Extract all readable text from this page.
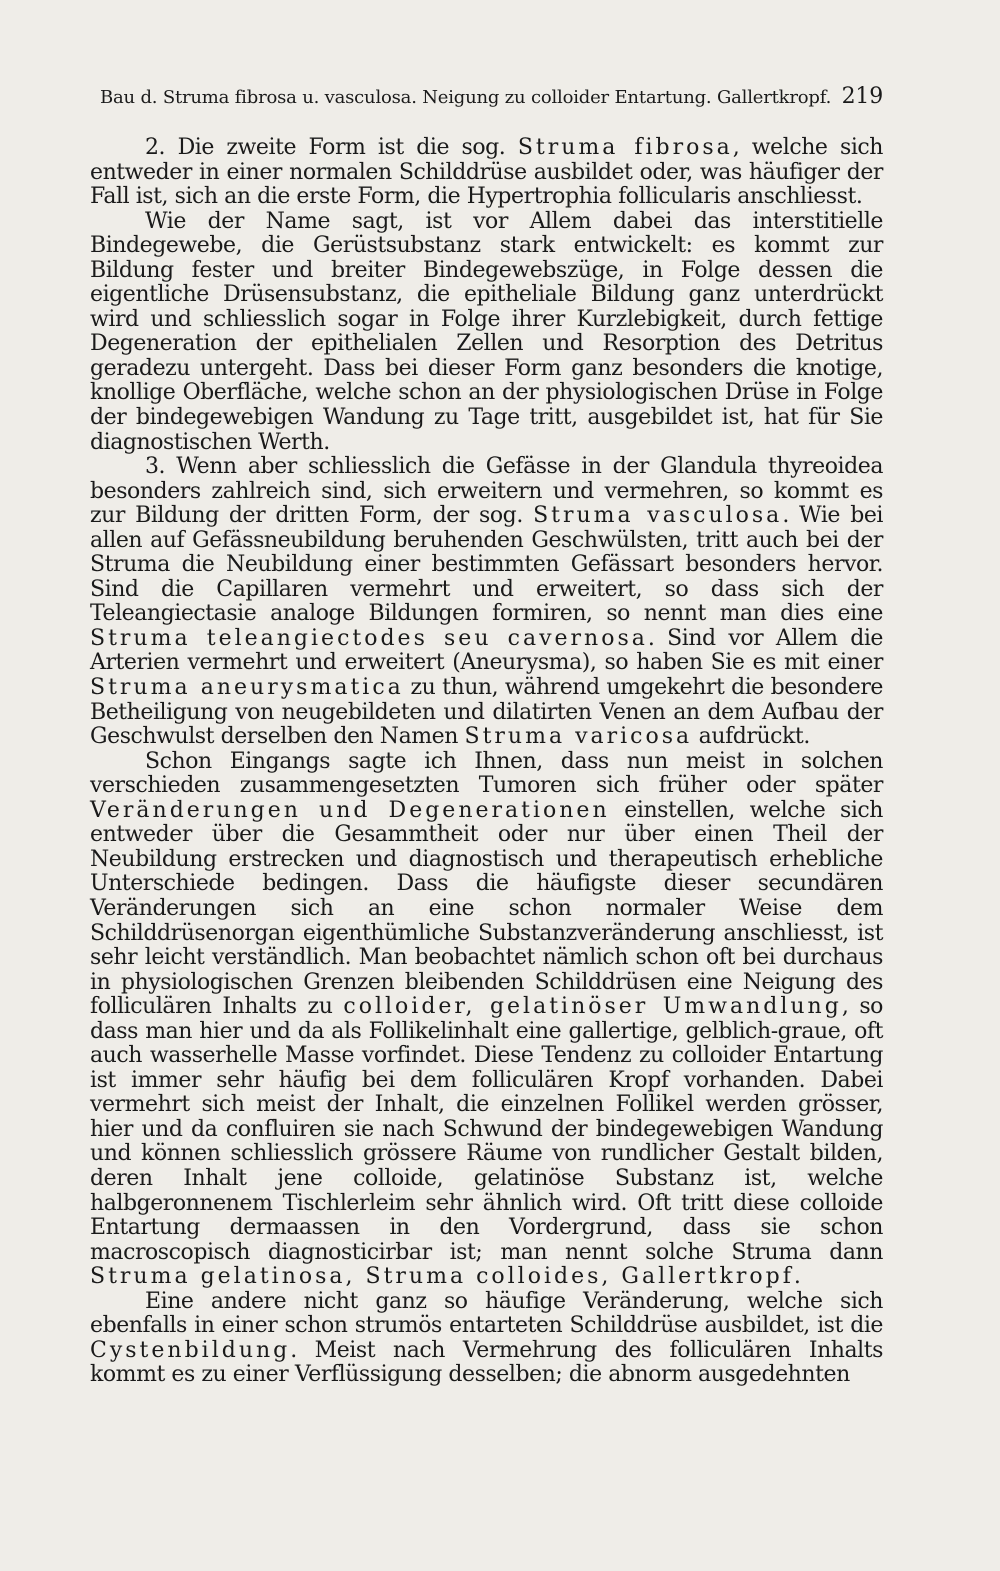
Bau d. Struma fibrosa u. vasculosa. Neigung zu colloider Entartung. Gallertkropf. 219

2. Die zweite Form ist die sog. Struma fibrosa, welche sich entweder in einer normalen Schilddrüse ausbildet oder, was häufiger der Fall ist, sich an die erste Form, die Hypertrophia follicularis anschliesst.

Wie der Name sagt, ist vor Allem dabei das interstitielle Bindegewebe, die Gerüstsubstanz stark entwickelt: es kommt zur Bildung fester und breiter Bindegewebszüge, in Folge dessen die eigentliche Drüsensubstanz, die epitheliale Bildung ganz unterdrückt wird und schliesslich sogar in Folge ihrer Kurzlebigkeit, durch fettige Degeneration der epithelialen Zellen und Resorption des Detritus geradezu untergeht. Dass bei dieser Form ganz besonders die knotige, knollige Oberfläche, welche schon an der physiologischen Drüse in Folge der bindegewebigen Wandung zu Tage tritt, ausgebildet ist, hat für Sie diagnostischen Werth.

3. Wenn aber schliesslich die Gefässe in der Glandula thyreoidea besonders zahlreich sind, sich erweitern und vermehren, so kommt es zur Bildung der dritten Form, der sog. Struma vasculosa. Wie bei allen auf Gefässneubildung beruhenden Geschwülsten, tritt auch bei der Struma die Neubildung einer bestimmten Gefässart besonders hervor. Sind die Capillaren vermehrt und erweitert, so dass sich der Teleangiectasie analoge Bildungen formiren, so nennt man dies eine Struma teleangiectodes seu cavernosa. Sind vor Allem die Arterien vermehrt und erweitert (Aneurysma), so haben Sie es mit einer Struma aneurysmatica zu thun, während umgekehrt die besondere Betheiligung von neugebildeten und dilatirten Venen an dem Aufbau der Geschwulst derselben den Namen Struma varicosa aufdrückt.

Schon Eingangs sagte ich Ihnen, dass nun meist in solchen verschieden zusammengesetzten Tumoren sich früher oder später Veränderungen und Degenerationen einstellen, welche sich entweder über die Gesammtheit oder nur über einen Theil der Neubildung erstrecken und diagnostisch und therapeutisch erhebliche Unterschiede bedingen. Dass die häufigste dieser secundären Veränderungen sich an eine schon normaler Weise dem Schilddrüsenorgan eigenthümliche Substanzveränderung anschliesst, ist sehr leicht verständlich. Man beobachtet nämlich schon oft bei durchaus in physiologischen Grenzen bleibenden Schilddrüsen eine Neigung des folliculären Inhalts zu colloider, gelatinöser Umwandlung, so dass man hier und da als Follikelinhalt eine gallertige, gelblich-graue, oft auch wasserhelle Masse vorfindet. Diese Tendenz zu colloider Entartung ist immer sehr häufig bei dem folliculären Kropf vorhanden. Dabei vermehrt sich meist der Inhalt, die einzelnen Follikel werden grösser, hier und da confluiren sie nach Schwund der bindegewebigen Wandung und können schliesslich grössere Räume von rundlicher Gestalt bilden, deren Inhalt jene colloide, gelatinöse Substanz ist, welche halbgeronnenem Tischlerleim sehr ähnlich wird. Oft tritt diese colloide Entartung dermaassen in den Vordergrund, dass sie schon macroscopisch diagnosticirbar ist; man nennt solche Struma dann Struma gelatinosa, Struma colloides, Gallertkropf.

Eine andere nicht ganz so häufige Veränderung, welche sich ebenfalls in einer schon strumös entarteten Schilddrüse ausbildet, ist die Cystenbildung. Meist nach Vermehrung des folliculären Inhalts kommt es zu einer Verflüssigung desselben; die abnorm ausgedehnten
